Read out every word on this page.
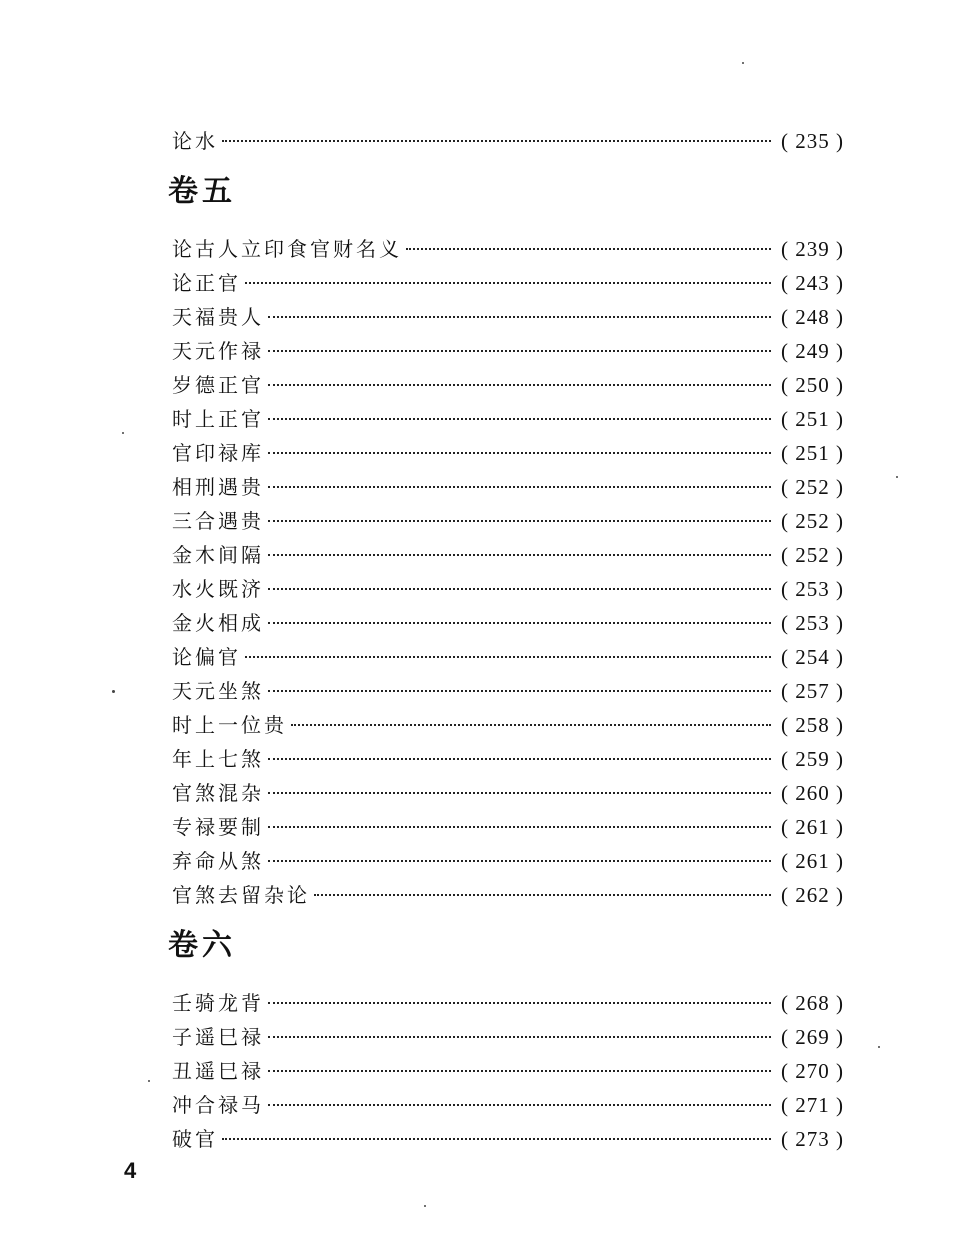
论水	( 235 )
卷五
论古人立印食官财名义	( 239 )
论正官	( 243 )
天福贵人	( 248 )
天元作禄	( 249 )
岁德正官	( 250 )
时上正官	( 251 )
官印禄库	( 251 )
相刑遇贵	( 252 )
三合遇贵	( 252 )
金木间隔	( 252 )
水火既济	( 253 )
金火相成	( 253 )
论偏官	( 254 )
天元坐煞	( 257 )
时上一位贵	( 258 )
年上七煞	( 259 )
官煞混杂	( 260 )
专禄要制	( 261 )
弃命从煞	( 261 )
官煞去留杂论	( 262 )
卷六
壬骑龙背	( 268 )
子遥巳禄	( 269 )
丑遥巳禄	( 270 )
冲合禄马	( 271 )
破官	( 273 )
4
